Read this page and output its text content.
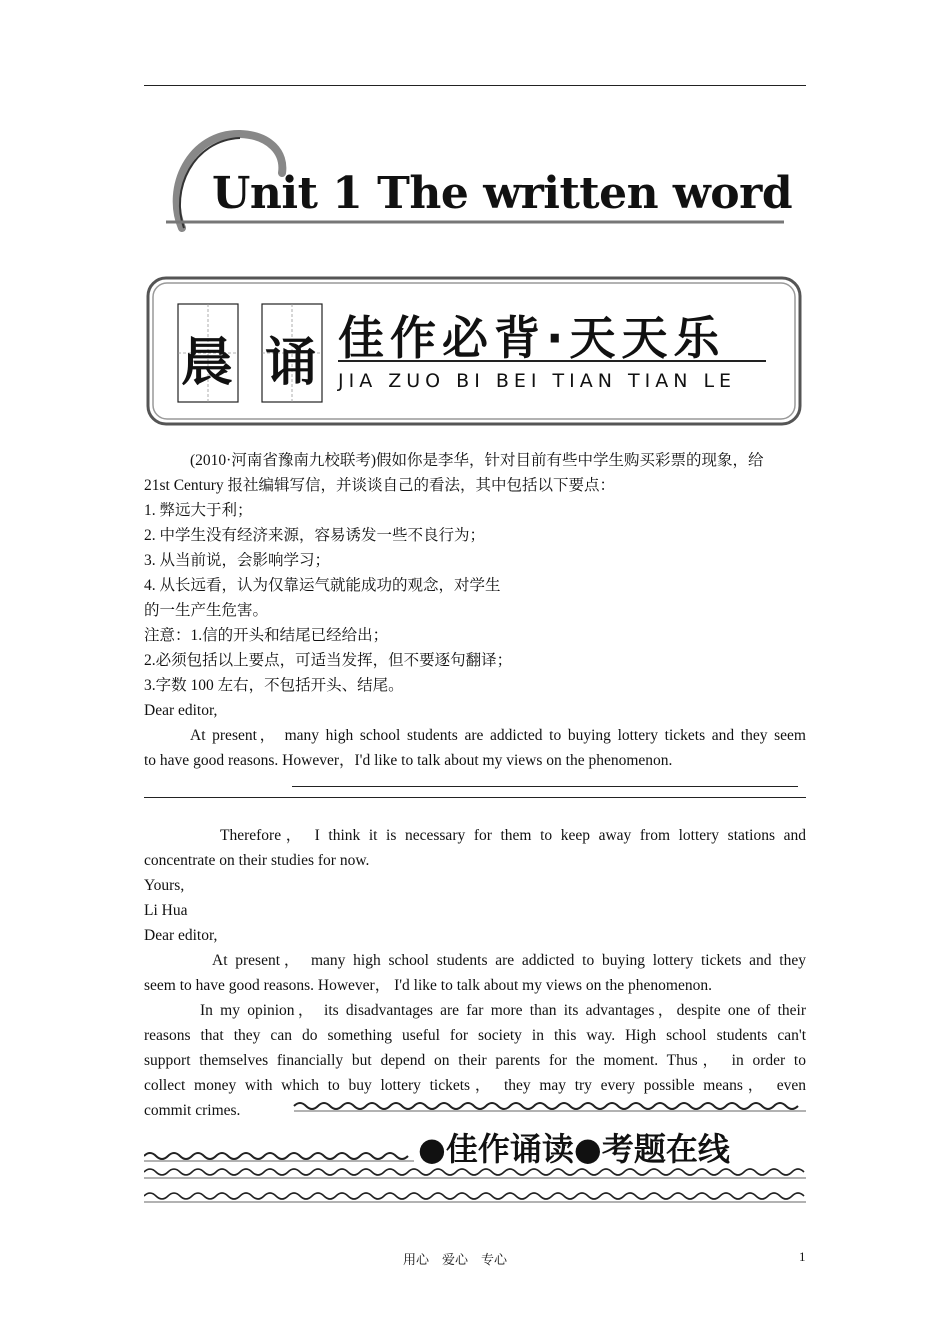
Unit 1 The written word
晨 诵 佳作必背·天天乐
JIA ZUO BI BEI TIAN TIAN LE
(2010·河南省豫南九校联考)假如你是李华，针对目前有些中学生购买彩票的现象，给
21st Century 报社编辑写信，并谈谈自己的看法，其中包括以下要点：
1. 弊远大于利；
2. 中学生没有经济来源，容易诱发一些不良行为；
3. 从当前说，会影响学习；
4. 从长远看，认为仅靠运气就能成功的观念，对学生
的一生产生危害。
注意：1.信的开头和结尾已经给出；
2.必须包括以上要点，可适当发挥，但不要逐句翻译；
3.字数 100 左右，不包括开头、结尾。
Dear editor,
At present， many high school students are addicted to buying lottery tickets and they seem
to have good reasons. However，I'd like to talk about my views on the phenomenon.
Therefore， I think it is necessary for them to keep away from lottery stations and
concentrate on their studies for now.
Yours,
Li Hua
Dear editor,
At present， many high school students are addicted to buying lottery tickets and they
seem to have good reasons. However， I'd like to talk about my views on the phenomenon.
In my opinion， its disadvantages are far more than its advantages，despite one of their
reasons that they can do something useful for society in this way. High school students can't
support themselves financially but depend on their parents for the moment. Thus， in order to
collect money with which to buy lottery tickets， they may try every possible means， even
commit crimes.
●佳作诵读●考题在线
用心　爱心　专心	1
